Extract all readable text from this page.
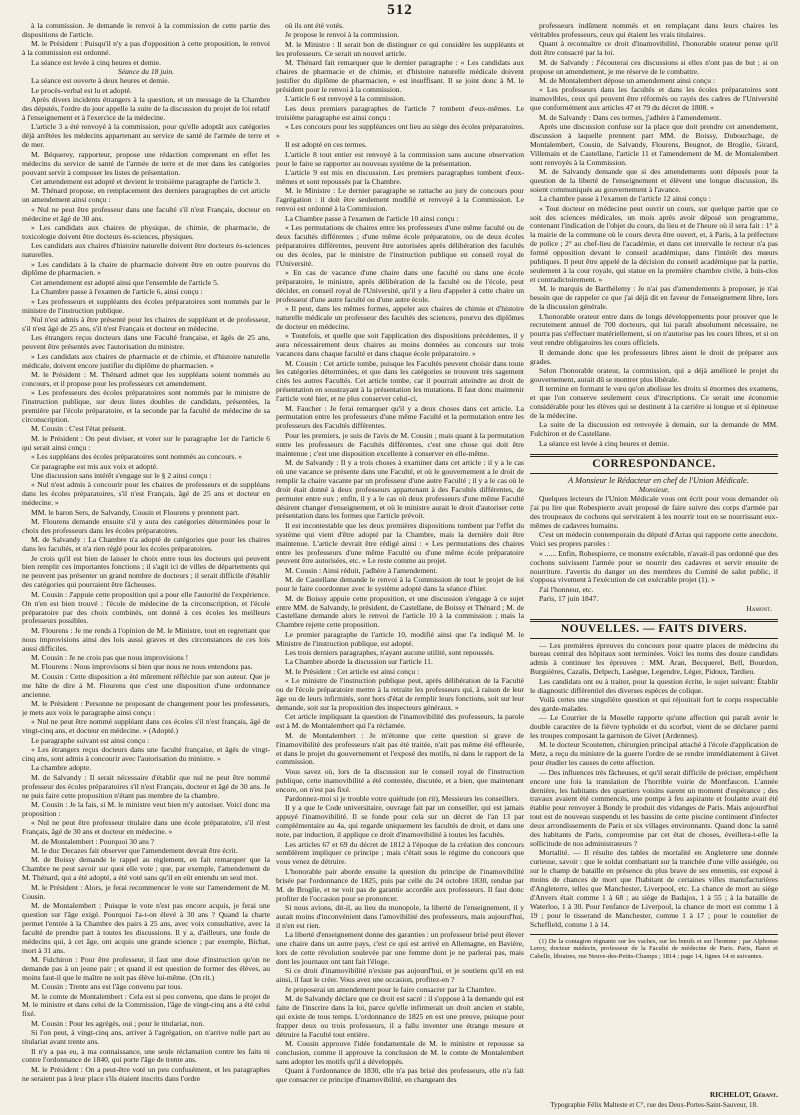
512

à la commission. Je demande le renvoi à la commission de cette partie des dispositions de l'article.

M. le Président : Puisqu'il n'y a pas d'opposition à cette proposition, le renvoi à la commission est ordonné.

La séance est levée à cinq heures et demie.

Séance du 18 juin.

La séance est ouverte à deux heures et demie.

Le procès-verbal est lu et adopté.

Après divers incidents étrangers à la question, et un message de la Chambre des députés, l'ordre du jour appelle la suite de la discussion du projet de loi relatif à l'enseignement et à l'exercice de la médecine.

L'article 3 a été renvoyé à la commission, pour qu'elle adoptât aux catégories déjà arrêtées les médecins appartenant au service de santé de l'armée de terre et de mer.

M. Béquerey, rapporteur, propose une rédaction comprenant en effet les médecins du service de santé de l'armée de terre et de mer dans les catégories pouvant servir à composer les listes de présentation.

Cet amendement est adopté et devient le troisième paragraphe de l'article 3.

M. Thénard propose, en remplacement des derniers paragraphes de cet article un amendement ainsi conçu :

« Nul ne peut être professeur dans une faculté s'il n'est Français, docteur en médecine et âgé de 30 ans.

» Les candidats aux chaires de physique, de chimie, de pharmacie, de toxicologie doivent être docteurs ès-sciences, physiques.

Les candidats aux chaires d'histoire naturelle doivent être docteurs ès-sciences naturelles.

» Les candidats à la chaire de pharmacie doivent être en outre pourvus du diplôme de pharmacien. »

Cet amendement est adopté ainsi que l'ensemble de l'article 5.

La Chambre passe à l'examen de l'article 6, ainsi conçu :

« Les professeurs et suppléants des écoles préparatoires sont nommés par le ministre de l'instruction publique.

Nul n'est admis à être présenté pour les chaires de suppléant et de professeur, s'il n'est âgé de 25 ans, s'il n'est Français et docteur en médecine.

Les étrangers reçus docteurs dans une Faculté française, et âgés de 25 ans, peuvent être présentés avec l'autorisation du ministre.

» Les candidats aux chaires de pharmacie et de chimie, et d'histoire naturelle médicale, doivent encore justifier du diplôme de pharmacien. »

M. le Président : M. Thénard admet que les suppléans soient nommés au concours, et il propose pour les professeurs cet amendement.

» Les professeurs des écoles préparatoires sont nommés par le ministre de l'instruction publique, sur deux listes doubles de candidats, présentées, la première par l'école préparatoire, et la seconde par la faculté de médecine de sa circonscription.

M. Cousin : C'est l'état présent.

M. le Président : On peut diviser, et voter sur le paragraphe 1er de l'article 6 qui serait ainsi conçu :

« Les suppléans des écoles préparatoires sont nommés au concours. »

Ce paragraphe est mis aux voix et adopté.

Une discussion sans intérêt s'engage sur le § 2 ainsi conçu :

« Nul n'est admis à concourir pour les chaires de professeurs et de suppléans dans les écoles préparatoires, s'il n'est Français, âgé de 25 ans et docteur en médecine. »

MM. le baron Sers, de Salvandy, Cousin et Flourens y prennent part.

M. Flourens demande ensuite s'il y aura des catégories déterminées pour le choix des professeurs dans les écoles préparatoires.

M. de Salvandy : La Chambre n'a adopté de catégories que pour les chaires dans les facultés, et n'a rien réglé pour les écoles préparatoires.

Je crois qu'il est bien de laisser le choix entre tous les docteurs qui peuvent bien remplir ces importantes fonctions ; il s'agit ici de villes de départements qui ne peuvent pas présenter un grand nombre de docteurs ; il serait difficile d'établir des catégories qui pourraient être fâcheuses.

M. Cousin : J'appuie cette proposition qui a pour elle l'autorité de l'expérience. On n'en est bien trouvé : l'école de médecine de la circonscription, et l'école préparatoire par des choix combinés, ont donné à ces écoles les meilleurs professeurs possibles.

M. Flourens : Je me rends à l'opinion de M. le Ministre, tout en regrettant que nous improvisions ainsi des lois aussi graves et des circonstances de ces lois aussi difficiles.

M. Cousin : Je ne crois pas que nous improvisions !

M. Flourens : Nous improvisons si bien que nous ne nous entendons pas.

M. Cousin : Cette disposition a été mûrement réfléchie par son auteur. Que je me hâte de dire à M. Flourens que c'est une disposition d'une ordonnance ancienne.

M. le Président : Personne ne proposant de changement pour les professeurs, je mets aux voix le paragraphe ainsi conçu :

« Nul ne peut être nommé suppléant dans ces écoles s'il n'est français, âgé de vingt-cinq ans, et docteur en médecine. » (Adopté.)

Le paragraphe suivant est ainsi conçu :

« Les étrangers reçus docteurs dans une faculté française, et âgés de vingt-cinq ans, sont admis à concourir avec l'autorisation du ministre. »

La chambre adopte.

M. de Salvandy : Il serait nécessaire d'établir que nul ne peut être nommé professeur des écoles préparatoires s'il n'est Français, docteur et âgé de 30 ans. Je ne puis faire cette proposition n'étant pas membre de la chambre.

M. Cousin : Je la fais, si M. le ministre veut bien m'y autoriser. Voici donc ma proposition :

« Nul ne peut être professeur titulaire dans une école préparatoire, s'il n'est Français, âgé de 30 ans et docteur en médecine. »

M. de Montalembert : Pourquoi 30 ans ?

M. le duc Decazes fait observer que l'amendement devrait être écrit.

M. de Boissy demande le rappel au règlement, en fait remarquer que la Chambre ne peut savoir sur quoi elle vote ; que, par exemple, l'amendement de M. Thénard, qui a été adopté, a été voté sans qu'il en eût entendu un seul mot.

M. le Président : Alors, je ferai recommencer le vote sur l'amendement de M. Cousin.

M. de Montalembert : Puisque le vote n'est pas encore acquis, je ferai une question sur l'âge exigé. Pourquoi l'a-t-on élevé à 30 ans ? Quand la charte permet l'entrée à la Chambre des pairs à 25 ans, avec voix consultative, avec la faculté de prendre part à toutes les discussions. Il y a, d'ailleurs, une foule de médecins qui, à cet âge, ont acquis une grande science ; par exemple, Bichat, mort à 31 ans.

M. Fulchiron : Pour être professeur, il faut une dose d'instruction qu'on ne demande pas à un jeune pair ; et quand il est question de former des élèves, au moins faut-il que le maître ne soit pas élève lui-même. (On rit.)

M. Cousin : Trente ans est l'âge convenu par tous.

M. le comte de Montalembert : Cela est si peu convenu, que dans le projet de M. le ministre et dans celui de la Commission, l'âge de vingt-cinq ans a été celui fixé.

M. Cousin : Pour les agrégés, oui ; pour le titulariat, non.

Si l'on peut, à vingt-cinq ans, arriver à l'agrégation, on n'arrive nulle part au titulariat avant trente ans.

Il n'y a pas eu, à ma connaissance, une seule réclamation contre les faits ni contre l'ordonnance de 1840, qui porte l'âge de trente ans.

M. le Président : On a peut-être voté un peu confusément, et les paragraphes ne seraient pas à leur place s'ils étaient inscrits dans l'ordre

où ils ont été votés.

Je propose le renvoi à la commission.

M. le Ministre : Il serait bon de distinguer ce qui considère les suppléants et les professeurs. Ce serait un nouvel article.

M. Thénard fait remarquer que le dernier paragraphe : « Les candidats aux chaires de pharmacie et de chimie, et d'histoire naturelle médicale doivent justifier du diplôme de pharmacien, » est insuffisant. Il se joint donc à M. le président pour le renvoi à la commission.

L'article 6 est renvoyé à la commission.

Les deux premiers paragraphes de l'article 7 tombent d'eux-mêmes. Le troisième paragraphe est ainsi conçu :

« Les concours pour les suppléances ont lieu au siège des écoles préparatoires. »

Il est adopté en ces termes.

L'article 8 tout entier est renvoyé à la commission sans aucune observation pour le faire se rapporter au nouveau système de la présentation.

L'article 9 est mis en discussion. Les premiers paragraphes tombent d'eux-mêmes et sont repoussés par la Chambre.

M. le Ministre : Le dernier paragraphe se rattache au jury de concours pour l'agrégation : il doit être seulement modifié et renvoyé à la Commission. Le renvoi est ordonné à la Commission.

La Chambre passe à l'examen de l'article 10 ainsi conçu :

« Les permutations de chaires entre les professeurs d'une même faculté ou de deux facultés différentes ; d'une même école préparatoire, ou de deux écoles préparatoires différentes, peuvent être autorisées après délibération des facultés ou des écoles, par le ministre de l'instruction publique en conseil royal de l'Université.

» En cas de vacance d'une chaire dans une faculté ou dans une école préparatoire, le ministre, après délibération de la faculté ou de l'école, peut décider, en conseil royal de l'Université, qu'il y a lieu d'appeler à cette chaire un professeur d'une autre faculté ou d'une autre école.

» Il peut, dans les mêmes formes, appeler aux chaires de chimie et d'histoire naturelle médicale un professeur des facultés des sciences, pourvu des diplômes de docteur en médecine.

» Toutefois, et quelle que soit l'application des dispositions précédentes, il y aura nécessairement deux chaires au moins données au concours sur trois vacances dans chaque faculté et dans chaque école préparatoire. »

M. Cousin : Cet article tombe, puisque les Facultés peuvent choisir dans toute les catégories déterminées, et que dans les catégories se trouvent très sagement cités les autres Facultés. Cet article tombe, car il pourrait atteindre au droit de présentation en soustrayant à la présentation les mutations. Il faut donc maintenir l'article voté hier, et ne plus conserver celui-ci.

M. Faucher : Je ferai remarquer qu'il y a deux choses dans cet article. La permutation entre les professeurs d'une même Faculté et la permutation entre les professeurs des Facultés différentes.

Pour les premiers, je suis de l'avis de M. Cousin ; mais quant à la permutation entre les professeurs de Facultés différentes, c'est une chose qui doit être maintenue ; c'est une disposition excellente à conserver en elle-même.

M. de Salvandy : Il y a trois choses à examiner dans cet article : il y a le cas où une vacance se présente dans une Faculté, et où le gouvernement a le droit de remplir la chaire vacante par un professeur d'une autre Faculté ; il y a le cas où le droit était donné à deux professeurs appartenant à des Facultés différentes, de permuter entre eux ; enfin, il y a le cas où deux professeurs d'une même Faculté désirent changer d'enseignement, et où le ministre aurait le droit d'autoriser cette présentation dans les formes que l'article prévoit.

Il est incontestable que les deux premières dispositions tombent par l'effet du système qui vient d'être adopté par la Chambre, mais la dernière doit être maintenue. L'article devrait être rédigé ainsi : « Les permutations des chaires entre les professeurs d'une même Faculté ou d'une même école préparatoire peuvent être autorisées, etc. » Le reste comme au projet.

M. Cousin : Ainsi réduit, j'adhère à l'amendement.

M. de Castellane demande le renvoi à la Commission de tout le projet de loi pour le faire coordonner avec le système adopté dans la séance d'hier.

M. de Boissy appuie cette proposition, et une discussion s'engage à ce sujet entre MM. de Salvandy, le président, de Castellane, de Boissy et Thénard ; M. de Castellane demande alors le renvoi de l'article 10 à la commission ; mais la Chambre rejette cette proposition.

Le premier paragraphe de l'article 10, modifié ainsi que l'a indiqué M. le Ministre de l'instruction publique, est adopté.

Les trois derniers paragraphes, n'ayant aucune utilité, sont repoussés.

La Chambre aborde la discussion sur l'article 11.

M. le Président : Cet article est ainsi conçu :

« Le ministre de l'instruction publique peut, après délibération de la Faculté ou de l'école préparatoire mettre à la retraite les professeurs qui, à raison de leur âge ou de leurs infirmités, sont hors d'état de remplir leurs fonctions, soit sur leur demande, soit sur la proposition des inspecteurs généraux. »

Cet article impliquant la question de l'inamovibilité des professeurs, la parole est à M. de Montalembert qui l'a réclamée.

M. de Montalembert : Je m'étonne que cette question si grave de l'inamovibilité des professeurs n'ait pas été traitée, n'ait pas même été effleurée, et dans le projet du gouvernement et l'exposé des motifs, ni dans le rapport de la commission.

Vous savez où, lors de la discussion sur le conseil royal de l'instruction publique, cette inamovibilité a été contestée, discutée, et a bien, que maintenant encore, on n'est pas fixé.

Pardonnez-moi si je trouble votre quiétude (on rit), Messieurs les conseillers.

Il y a que le Code universitaire, ouvrage fait par un conseiller, qui est jamais appuyé l'inamovibilité. Il se fonde pour cela sur un décret de l'an 13 par complémentaire au 4a, qui regarde uniquement les facultés de droit, et dans une note, par induction, il applique ce droit d'inamovibilité à toutes les facultés.

Les articles 67 et 69 du décret de 1812 à l'époque de la création des concours semblèrent impliquer ce principe ; mais c'était sous le régime du concours que vous venez de détruire.

L'honorable pair aborde ensuite la question du principe de l'inamovibilité brisée par l'ordonnance de 1825, puis par celle du 24 octobre 1830, rendue par M. de Broglie, et ne voit pas de garantie accordée aux professeurs. Il faut donc profiter de l'occasion pour se prononcer.

Si nous avions, dit-il, au lieu du monopole, la liberté de l'enseignement, il y aurait moins d'inconvénient dans l'amovibilité des professeurs, mais aujourd'hui, il n'en est rien.

La liberté d'enseignement donne des garanties : un professeur brisé peut élever une chaire dans un autre pays, c'est ce qui est arrivé en Allemagne, en Bavière, lors de cette révolution soulevée par une femme dont je ne parlerai pas, mais dont les journaux ont tant fait l'éloge.

Si ce droit d'inamovibilité n'existe pas aujourd'hui, et je soutiens qu'il en est ainsi, il faut le créer. Vous avez une occasion, profitez-en ?

Je proposerai un amendement pour le faire consacrer par la Chambre.

M. de Salvandy déclare que ce droit est sacré : il s'oppose à la demande qui est faite de l'inscrire dans la loi, parce qu'elle infirmerait un droit ancien et stable, qui existe de tous temps. L'ordonnance de 1825 en est une preuve, puisque pour frapper deux ou trois professeurs, il a fallu inventer une étrange mesure et détruire la Faculté tout entière.

M. Cousin approuve l'idée fondamentale de M. le ministre et repousse sa conclusion, comme il approuve la conclusion de M. le comte de Montalembert sans adopter les motifs qu'il a développés.

Quant à l'ordonnance de 1830, elle n'a pas brisé des professeurs, elle n'a fait que consacrer ce principe d'inamovibilité, en changeant des

professeurs indûment nommés et en remplaçant dans leurs chaires les véritables professeurs, ceux qui étaient les vrais titulaires.

Quant à reconnaître ce droit d'inamovibilité, l'honorable orateur pense qu'il doit être consacré par la loi.

M. de Salvandy : J'écouterai ces discussions si elles n'ont pas de but ; si on propose un amendement, je me réserve de le combattre.

M. de Montalembert dépose un amendement ainsi conçu :

« Les professeurs dans les facultés et dans les écoles préparatoires sont inamovibles, ceux qui peuvent être réformés ou rayés des cadres de l'Université que conformément aux articles 47 et 79 du décret de 1808. »

M. de Salvandy : Dans ces termes, j'adhère à l'amendement.

Après une discussion confuse sur la place que doit prendre cet amendement, discussion à laquelle prennent part MM. de Boissy, Dubouchage, de Montalembert, Cousin, de Salvandy, Flourens, Beugnot, de Broglie, Girard, Villemain et de Castellane, l'article 11 et l'amendement de M. de Montalembert sont renvoyés à la Commission.

M. de Salvandy demande que si des amendements sont déposés pour la question de la liberté de l'enseignement et élèvent une longue discussion, ils soient communiqués au gouvernement à l'avance.

La chambre passe à l'examen de l'article 12 ainsi conçu :

« Tout docteur en médecine peut ouvrir un cours, sur quelque partie que ce soit des sciences médicales, un mois après avoir déposé son programme, contenant l'indication de l'objet du cours, du lieu et de l'heure où il sera fait : 1° à la mairie de la commune où le cours devra être ouvert, et, à Paris, à la préfecture de police ; 2° au chef-lieu de l'académie, et dans cet intervalle le recteur n'a pas formé opposition devant le conseil académique, dans l'intérêt des mœurs publiques. Il peut être appelé de la décision du conseil académique par la partie, seulement à la cour royale, qui statue en la première chambre civile, à huis-clos et contradictoirement. »

M. le marquis de Barthélemy : Je n'ai pas d'amendements à proposer, je n'ai besoin que de rappeler ce que j'ai déjà dit en faveur de l'enseignement libre, lors de la discussion générale.

L'honorable orateur entre dans de longs développements pour prouver que le recrutement annuel de 700 docteurs, qui lui paraît absolument nécessaire, ne pourra pas s'effectuer matériellement, si on n'autorise pas les cours libres, et si on veut rendre obligatoires les cours officiels.

Il demande donc que les professeurs libres aient le droit de préparer aux grades.

Selon l'honorable orateur, la commission, qui a déjà amélioré le projet du gouvernement, aurait dû se montrer plus libérale.

Il termine en formant le vœu qu'on abolisse les droits si énormes des examens, et que l'on conserve seulement ceux d'inscriptions. Ce serait une économie considérable pour les élèves qui se destinent à la carrière si longue et si épineuse de la médecine.

La suite de la discussion est renvoyée à demain, sur la demande de MM. Fulchiron et de Castellane.

La séance est levée à cinq heures et demie.

CORRESPONDANCE.

A Monsieur le Rédacteur en chef de l'Union Médicale.

Monsieur,

Quelques lecteurs de l'Union Médicale vous ont écrit pour vous demander où j'ai pu lire que Robespierre avait proposé de faire suivre des corps d'armée par des troupeaux de cochons qui serviraient à les nourrir tout en se nourrissant eux-mêmes de cadavres humains.

C'est un médecin contemporain du député d'Arras qui rapporte cette anecdote. Voici ses propres paroles :

« ...... Enfin, Robespierre, ce monstre exécrable, n'avait-il pas ordonné que des cochons suivissent l'armée pour se nourrir des cadavres et servir ensuite de nourriture. J'avertis du danger un des membres du Comité de salut public, il s'opposa vivement à l'exécution de cet exécrable projet (1). »

J'ai l'honneur, etc.

Paris, 17 juin 1847.

Hamont.

NOUVELLES. — FAITS DIVERS.

— Les premières épreuves du concours pour quatre places de médecins du bureau central des hôpitaux sont terminées. Voici les noms des douze candidats admis à continuer les épreuves : MM. Aran, Becquerel, Bell, Bourdon, Burguières, Cazalis, Delpech, Lasègue, Legendre, Léger, Pidoux, Tardieu.

Les candidats ont eu à traiter, pour la question écrite, le sujet suivant: Établir le diagnostic différentiel des diverses espèces de colique.

Voilà certes une singulière question et qui réjouirait fort le corps respectable des garde-malades.

— Le Courrier de la Moselle rapporte qu'une affection qui paraît avoir le double caractère de la fièvre typhoïde et du scorbut, vient de se déclarer parmi les troupes composant la garnison de Givet (Ardennes).

M. le docteur Scoutetten, chirurgien principal attaché à l'école d'application de Metz, a reçu du ministre de la guerre l'ordre de se rendre immédiatement à Givet pour étudier les causes de cette affection.

— Des influences très fâcheuses, et qu'il serait difficile de préciser, empêchent encore une fois la translation de l'horrible voirie de Montfaucon. L'année dernière, les habitants des quartiers voisins earent un moment d'espérance ; des travaux avaient été commencés, une pompe à feu aspirante et foulante avait été établie pour renvoyer à Bondy le produit des vidanges de Paris. Mais aujourd'hui tout est de nouveau suspendu et les bassins de cette piscine continuent d'infecter deux arrondissements de Paris et six villages environnants. Quand donc la santé des habitants de Paris, compromise par cet état de choses, éveillera-t-elle la sollicitude de nos administrateurs ?

Mortalité. — Il résulte des tables de mortalité en Angleterre une donnée curieuse, savoir : que le soldat combattant sur la tranchée d'une ville assiégée, ou sur le champ de bataille en présence du plus brave de ses ennemis, est exposé à moins de chances de mort que l'habitant de certaines villes manufacturières d'Angleterre, telles que Manchester, Liverpool, etc. La chance de mort au siège d'Anvers était comme 1 à 68 ; au siège de Badajos, 1 à 55 ; à la bataille de Waterloo, 1 à 30. Pour l'enfance de Liverpool, la chance de mort est comme 1 à 19 ; pour le tisserand de Manchester, comme 1 à 17 ; pour le coutelier de Scheffield, comme 1 à 14.

(1) De la contagion régnante sur les vaches, sur les bœufs et sur l'homme ; par Alphonse Leroy, docteur médecin, professeur de la Faculté de médecine de Paris. Paris, Baret et Cabelle, libraires, rue Neuve-des-Petits-Champs ; 1814 ; page 14, lignes 14 et suivantes.

RICHELOT, Gérant.
Typographie Félix Malteste et C°, rue des Deux-Portes-Saint-Sauveur, 18.
